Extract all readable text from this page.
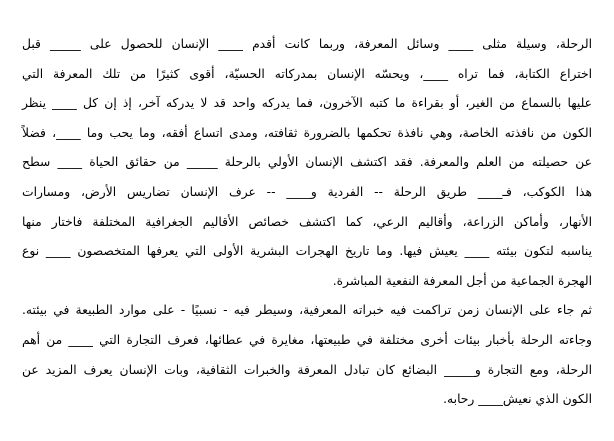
الرحلة، وسيلة مثلى ____ وسائل المعرفة، وربما كانت أقدم ____ الإنسان للحصول على _____ قبل
اختراع الكتابة، فما تراه ____، ويحسّه الإنسان بمدركاته الحسيّة، أقوى كثيرًا من تلك المعرفة التي
عليها بالسماع من الغير، أو بقراءة ما كتبه الآخرون، فما يدركه واحد قد لا يدركه آخر، إذ إن كل ____ ينظر
الكون من نافذته الخاصة، وهي نافذة تحكمها بالضرورة ثقافته، ومدى اتساع أفقه، وما يحب وما ____، فضلاً
عن حصيلته من العلم والمعرفة. فقد اكتشف الإنسان الأولي بالرحلة _____ من حقائق الحياة ____ سطح
هذا الكوكب، فـ____ طريق الرحلة -- الفردية و____ -- عرف الإنسان تضاريس الأرض، ومسارات
الأنهار، وأماكن الزراعة، وأقاليم الرعي، كما اكتشف خصائص الأقاليم الجغرافية المختلفة فاختار منها
يناسبه لتكون بيئته ____ يعيش فيها. وما تاريخ الهجرات البشرية الأولى التي يعرفها المتخصصون ____ نوع
الهجرة الجماعية من أجل المعرفة النفعية المباشرة.
ثم جاء على الإنسان زمن تراكمت فيه خبراته المعرفية، وسيطر فيه - نسبيًا - على موارد الطبيعة في بيئته.
وجاءته الرحلة بأخبار بيئات أخرى مختلفة في طبيعتها، مغايرة في عطائها، فعرف التجارة التي ____ من أهم
الرحلة، ومع التجارة و_____ البضائع كان تبادل المعرفة والخبرات الثقافية، وبات الإنسان يعرف المزيد عن
الكون الذي نعيش____ رحابه.
